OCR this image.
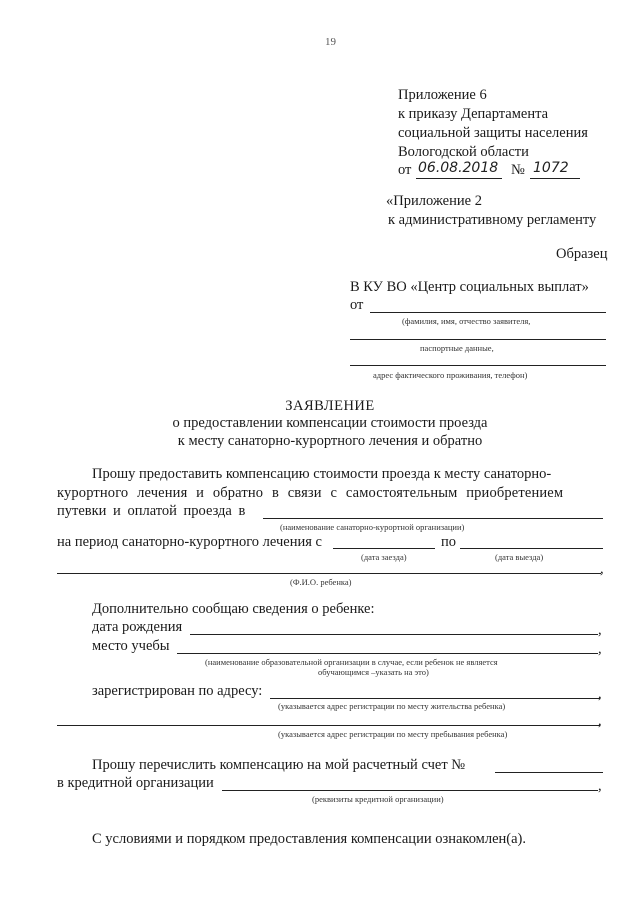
19
Приложение 6
к приказу Департамента
социальной защиты населения
Вологодской области
от 06.08.2018 № 1072
«Приложение 2
к административному регламенту
Образец
В КУ ВО «Центр социальных выплат»
от
(фамилия, имя, отчество заявителя,
паспортные данные,
адрес фактического проживания, телефон)
ЗАЯВЛЕНИЕ
о предоставлении компенсации стоимости проезда
к месту санаторно-курортного лечения и обратно
Прошу предоставить компенсацию стоимости проезда к месту санаторно-
курортного лечения и обратно в связи с самостоятельным приобретением
путевки и оплатой проезда в
(наименование санаторно-курортной организации)
на период санаторно-курортного лечения с	по
(дата заезда)	(дата выезда)
,
(Ф.И.О. ребенка)
Дополнительно сообщаю сведения о ребенке:
дата рождения	,
место учебы	,
(наименование образовательной организации в случае, если ребенок не является
обучающимся –указать на это)
зарегистрирован по адресу:	,
(указывается адрес регистрации по месту жительства ребенка)
,
(указывается адрес регистрации по месту пребывания ребенка)
Прошу перечислить компенсацию на мой расчетный счет №
в кредитной организации	,
(реквизиты кредитной организации)
С условиями и порядком предоставления компенсации ознакомлен(а).
